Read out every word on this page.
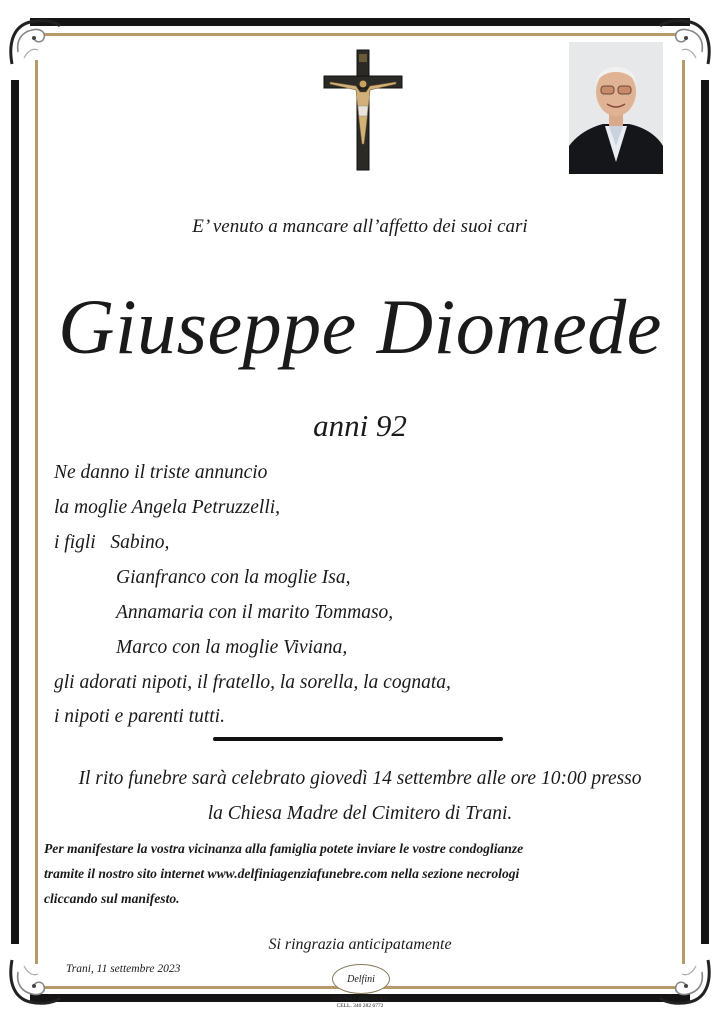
E’ venuto a mancare all’affetto dei suoi cari
Giuseppe Diomede
anni 92
Ne danno il triste annuncio
la moglie Angela Petruzzelli,
i figli   Sabino,
Gianfranco con la moglie Isa,
Annamaria con il marito Tommaso,
Marco con la moglie Viviana,
gli adorati nipoti, il fratello, la sorella, la cognata,
i nipoti e parenti tutti.
Il rito funebre sarà celebrato giovedì 14 settembre alle ore 10:00 presso
la Chiesa Madre del Cimitero di Trani.
Per manifestare la vostra vicinanza alla famiglia potete inviare le vostre condoglianze
tramite il nostro sito internet www.delfiniagenziafunebre.com nella sezione necrologi
cliccando sul manifesto.
Si ringrazia anticipatamente
Trani, 11 settembre 2023
Delfini
AGENZIA 0883 481 608
CELL. 340 282 6772
